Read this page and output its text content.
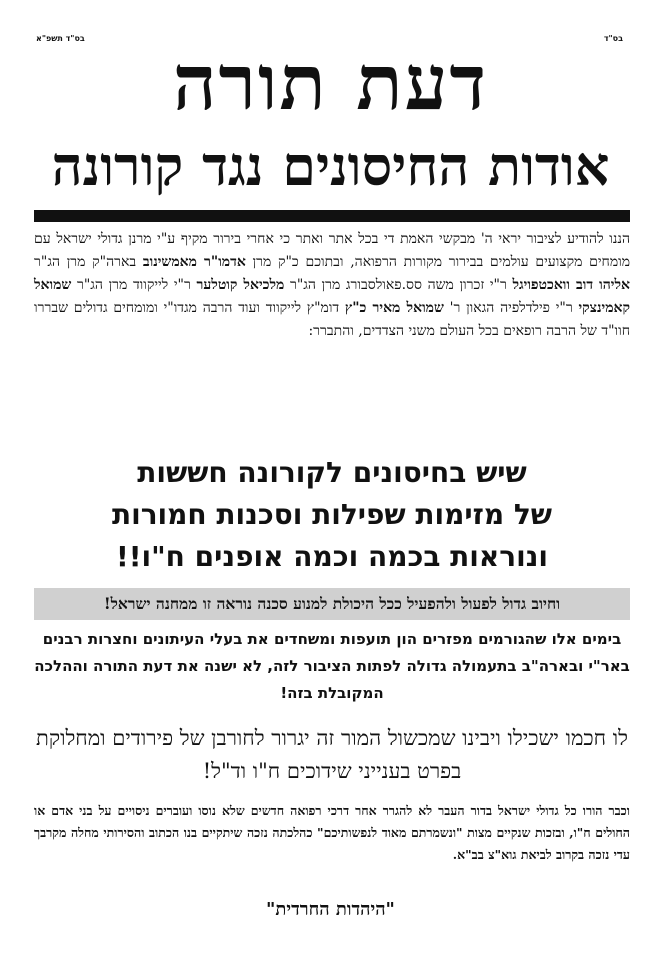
בס"ד תשפ"א	בס"ד
דעת תורה
אודות החיסונים נגד קורונה
הננו להודיע לציבור יראי ה' מבקשי האמת די בכל אתר ואתר כי אחרי בירור מקיף ע"י מרנן גדולי ישראל עם מומחים מקצועים עולמים בבירור מקורות הרפואה, ובתוכם כ"ק מרן אדמו"ר מאמשינוב בארה"ק מרן הג"ר אליהו דוב וואכטפויגל ר"י זכרון משה סס.פאולסבורג מרן הג"ר מלכיאל קוטלער ר"י לייקווד מרן הג"ר שמואל קאמינצקי ר"י פילדלפיה הגאון ר' שמואל מאיר כ"ץ דומ"ץ לייקווד ועוד הרבה מגדו"י ומומחים גדולים שבררו חוו"ד של הרבה רופאים בכל העולם משני הצדדים, והתברר:
שיש בחיסונים לקורונה חששות
של מזימות שפילות וסכנות חמורות
ונוראות בכמה וכמה אופנים ח"ו!!
וחיוב גדול לפעול ולהפעיל ככל היכולת למנוע סכנה נוראה זו ממחנה ישראל!
בימים אלו שהגורמים מפזרים הון תועפות ומשחדים את בעלי העיתונים וחצרות רבנים באר"י ובארה"ב בתעמולה גדולה לפתות הציבור לזה, לא ישנה את דעת התורה וההלכה המקובלת בזה!
לו חכמו ישכילו ויבינו שמכשול המור זה יגרור לחורבן של פירודים ומחלוקת בפרט בענייני שידוכים ח"ו וד"ל!
וכבר הורו כל גדולי ישראל בדור העבר לא להגרר אחר דרכי רפואה חדשים שלא נוסו ועוברים ניסויים על בני אדם או החולים ח"ו, ובזכות שנקיים מצות "ונשמרתם מאוד לנפשותיכם" כהלכתה נזכה שיתקיים בנו הכתוב והסירותי מחלה מקרבך עדי נזכה בקרוב לביאת גוא"צ בב"א.
"היהדות החרדית"
